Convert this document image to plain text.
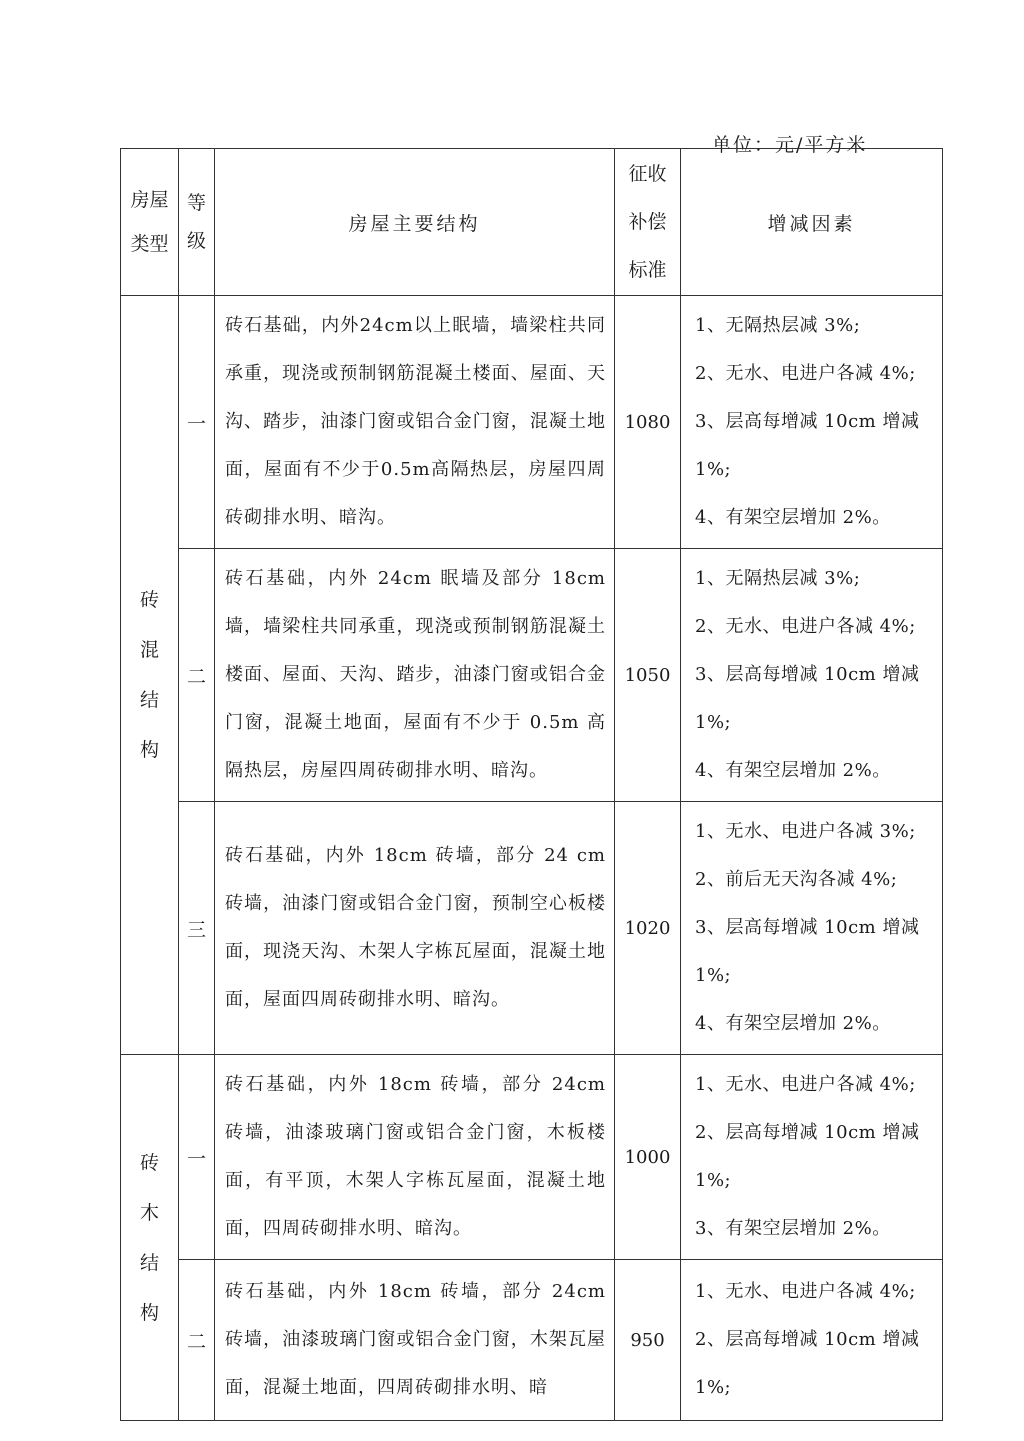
单位：元/平方米
房屋类型	等级	房屋主要结构	征收补偿标准	增减因素
砖混结构	一	砖石基础，内外24cm以上眠墙，墙梁柱共同承重，现浇或预制钢筋混凝土楼面、屋面、天沟、踏步，油漆门窗或铝合金门窗，混凝土地面，屋面有不少于0.5m高隔热层，房屋四周砖砌排水明、暗沟。	1080	1、无隔热层减 3%;
2、无水、电进户各减 4%;
3、层高每增减 10cm 增减 1%;
4、有架空层增加 2%。

	二	砖石基础，内外 24cm 眠墙及部分 18cm 墙，墙梁柱共同承重，现浇或预制钢筋混凝土楼面、屋面、天沟、踏步，油漆门窗或铝合金门窗，混凝土地面，屋面有不少于 0.5m 高隔热层，房屋四周砖砌排水明、暗沟。	1050	1、无隔热层减 3%;
2、无水、电进户各减 4%;
3、层高每增减 10cm 增减 1%;
4、有架空层增加 2%。

	三	砖石基础，内外 18cm 砖墙，部分 24 cm 砖墙，油漆门窗或铝合金门窗，预制空心板楼面，现浇天沟、木架人字栋瓦屋面，混凝土地面，屋面四周砖砌排水明、暗沟。	1020	1、无水、电进户各减 3%;
2、前后无天沟各减 4%;
3、层高每增减 10cm 增减 1%;
4、有架空层增加 2%。

砖木结构	一	砖石基础，内外 18cm 砖墙，部分 24cm 砖墙，油漆玻璃门窗或铝合金门窗，木板楼面，有平顶，木架人字栋瓦屋面，混凝土地面，四周砖砌排水明、暗沟。	1000	1、无水、电进户各减 4%;
2、层高每增减 10cm 增减 1%;
3、有架空层增加 2%。

	二	砖石基础，内外 18cm 砖墙，部分 24cm 砖墙，油漆玻璃门窗或铝合金门窗，木架瓦屋面，混凝土地面，四周砖砌排水明、暗	950	1、无水、电进户各减 4%;
2、层高每增减 10cm 增减 1%;
